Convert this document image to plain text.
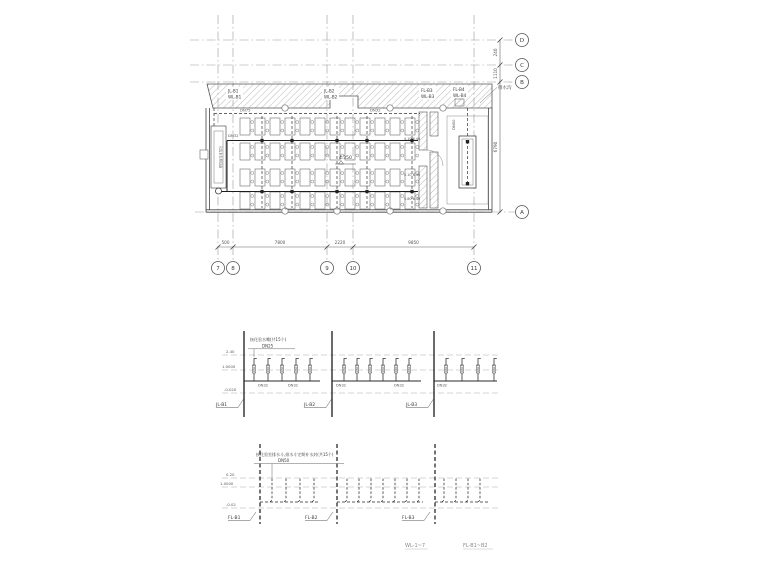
7 8	9	10	11
D
C
B
A
500	7800	2220	9850
240
1110
6790
化验水处理设备
DN50
JL-B1
WL-B1
JL-B2
WL-B2
FL-B3
WL-B3
FL-B4
WL-B4
排水沟
DN75
DN32
DN32
4.350
4.10 6.40
5.10 6.40
5.80 6.40
2.40
1.0000
-0.020
DN15	DN15	DN15	DN15	DN15	DN15	DN15	DN15	DN15	DN15	DN15	DN15	DN15	DN15	DN15
DN32	DN32	DN32	DN32	DN32
接化验水嘴(共15个)
DN25
JL-B1	JL-B2	JL-B3
0.20
1.0000
-0.02
接化验室排水斗,排水斗定期补水封(共15个)
DN50
FL-B1	FL-B2	FL-B3
WL-1~7	FL-B1~B2
